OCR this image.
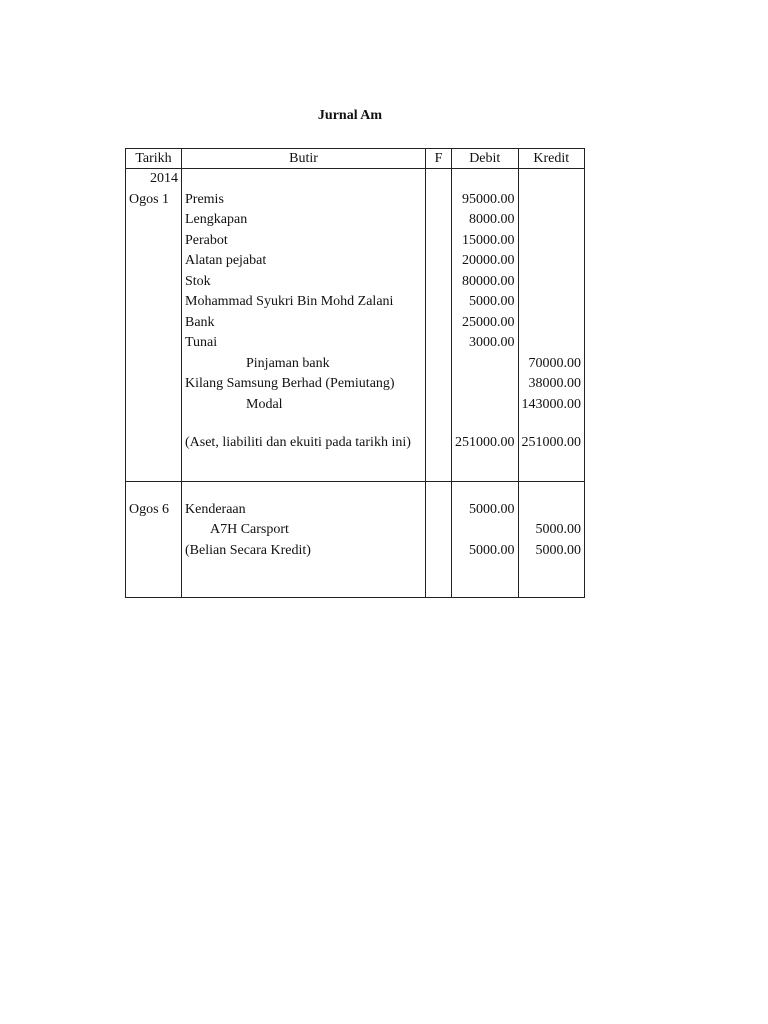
Jurnal Am
Tarikh	Butir	F	Debit	Kredit
2014				
Ogos 1	Premis		95000.00	
	Lengkapan		8000.00	
	Perabot		15000.00	
	Alatan pejabat		20000.00	
	Stok		80000.00	
	Mohammad Syukri Bin Mohd Zalani		5000.00	
	Bank		25000.00	
	Tunai		3000.00	
	Pinjaman bank			70000.00
	Kilang Samsung Berhad (Pemiutang)			38000.00
	Modal			143000.00

	(Aset, liabiliti dan ekuiti pada tarikh ini)		251000.00	251000.00

Ogos 6	Kenderaan		5000.00	
	A7H Carsport			5000.00
	(Belian Secara Kredit)		5000.00	5000.00
